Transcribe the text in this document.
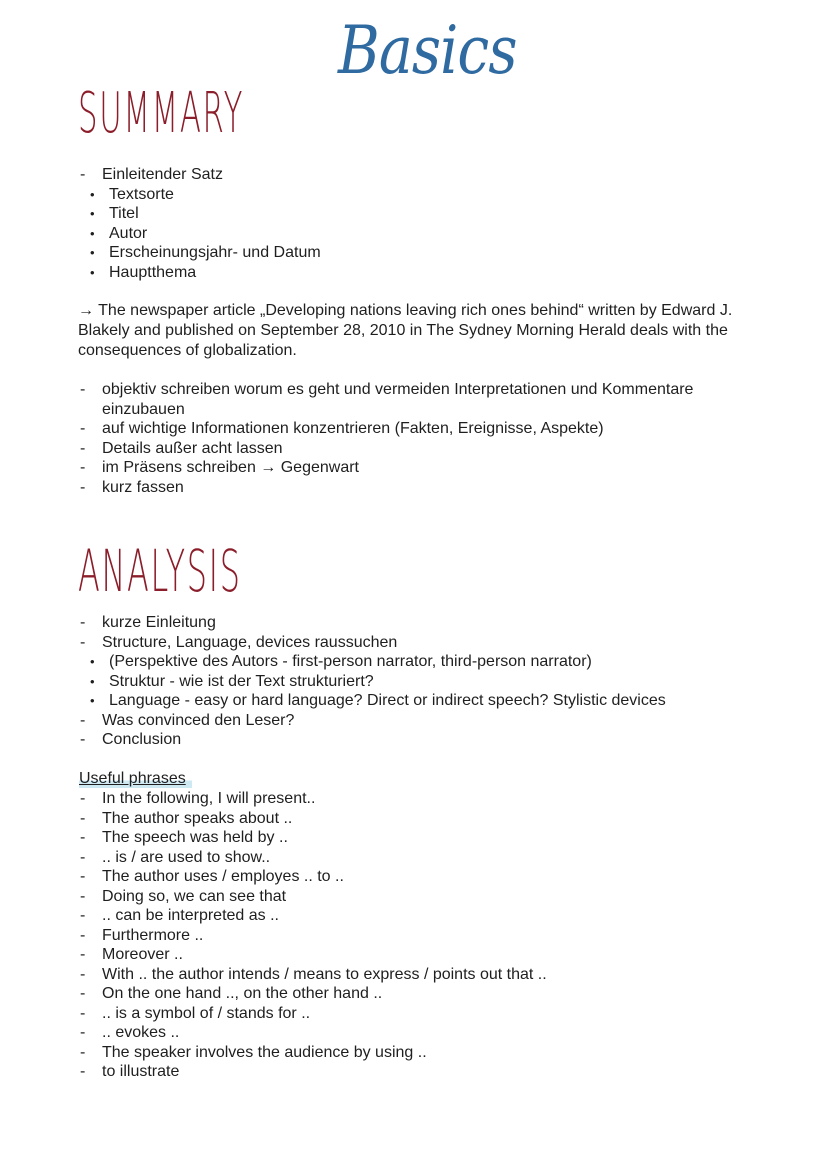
Basics
SUMMARY
-
Einleitender Satz
•
Textsorte
•
Titel
•
Autor
•
Erscheinungsjahr- und Datum
•
Hauptthema
→ The newspaper article „Developing nations leaving rich ones behind“ written by Edward J. Blakely and published on September 28, 2010 in The Sydney Morning Herald deals with the consequences of globalization.
-
objektiv schreiben worum es geht und vermeiden Interpretationen und Kommentare
einzubauen
-
auf wichtige Informationen konzentrieren (Fakten, Ereignisse, Aspekte)
-
Details außer acht lassen
-
im Präsens schreiben → Gegenwart
-
kurz fassen
ANALYSIS
-
kurze Einleitung
-
Structure, Language, devices raussuchen
•
(Perspektive des Autors - first-person narrator, third-person narrator)
•
Struktur - wie ist der Text strukturiert?
•
Language - easy or hard language? Direct or indirect speech? Stylistic devices
-
Was convinced den Leser?
-
Conclusion
Useful phrases
-
In the following, I will present..
-
The author speaks about ..
-
The speech was held by ..
-
.. is / are used to show..
-
The author uses / employes .. to ..
-
Doing so, we can see that
-
.. can be interpreted as ..
-
Furthermore ..
-
Moreover ..
-
With .. the author intends / means to express / points out that ..
-
On the one hand .., on the other hand ..
-
.. is a symbol of / stands for ..
-
.. evokes ..
-
The speaker involves the audience by using ..
-
to illustrate
